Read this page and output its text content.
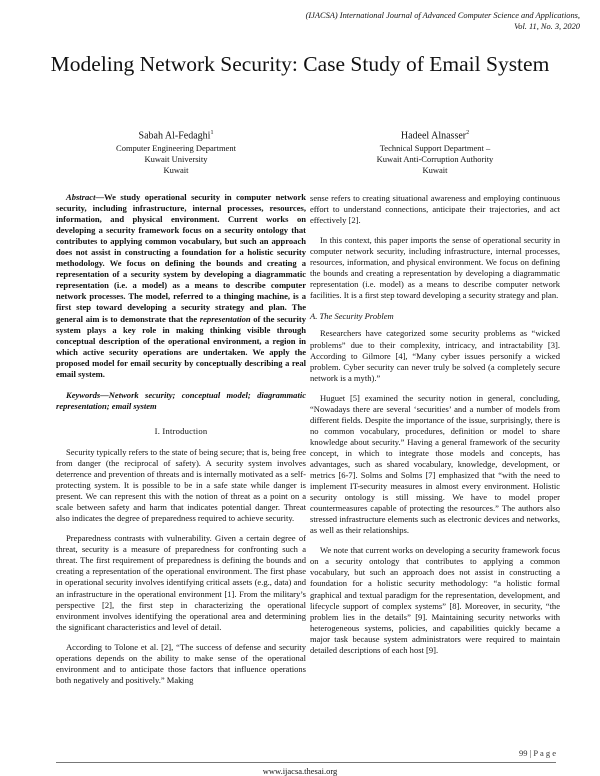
(IJACSA) International Journal of Advanced Computer Science and Applications,
Vol. 11, No. 3, 2020
Modeling Network Security: Case Study of Email System
Sabah Al-Fedaghi$^1$
Computer Engineering Department
Kuwait University
Kuwait
Hadeel Alnasser$^2$
Technical Support Department –
Kuwait Anti-Corruption Authority
Kuwait

Abstract—We study operational security in computer network security, including infrastructure, internal processes, resources, information, and physical environment. Current works on developing a security framework focus on a security ontology that contributes to applying common vocabulary, but such an approach does not assist in constructing a foundation for a holistic security methodology. We focus on defining the bounds and creating a representation of a security system by developing a diagrammatic representation (i.e. a model) as a means to describe computer network processes. The model, referred to a thinging machine, is a first step toward developing a security strategy and plan. The general aim is to demonstrate that the representation of the security system plays a key role in making thinking visible through conceptual description of the operational environment, a region in which active security operations are undertaken. We apply the proposed model for email security by conceptually describing a real email system.

Keywords—Network security; conceptual model; diagrammatic representation; email system

I. Introduction

Security typically refers to the state of being secure; that is, being free from danger (the reciprocal of safety). A security system involves deterrence and prevention of threats and is internally motivated as a self-protecting system. It is possible to be in a safe state while danger is present. We can represent this with the notion of threat as a point on a scale between safety and harm that indicates potential danger. Threat also indicates the degree of preparedness required to achieve security.

Preparedness contrasts with vulnerability. Given a certain degree of threat, security is a measure of preparedness for confronting such a threat. The first requirement of preparedness is defining the bounds and creating a representation of the operational environment. The first phase in operational security involves identifying critical assets (e.g., data) and an infrastructure in the operational environment [1]. From the military’s perspective [2], the first step in characterizing the operational environment involves identifying the operational area and determining the significant characteristics and level of detail.

According to Tolone et al. [2], “The success of defense and security operations depends on the ability to make sense of the operational environment and to anticipate those factors that influence operations both negatively and positively.” Making

sense refers to creating situational awareness and employing continuous effort to understand connections, anticipate their trajectories, and act effectively [2].

In this context, this paper imports the sense of operational security in computer network security, including infrastructure, internal processes, resources, information, and physical environment. We focus on defining the bounds and creating a representation by developing a diagrammatic representation (i.e. model) as a means to describe computer network facilities. It is a first step toward developing a security strategy and plan.

A. The Security Problem

Researchers have categorized some security problems as “wicked problems” due to their complexity, intricacy, and intractability [3]. According to Gilmore [4], “Many cyber issues personify a wicked problem. Cyber security can never truly be solved (a completely secure network is a myth).”

Huguet [5] examined the security notion in general, concluding, “Nowadays there are several ‘securities’ and a number of models from different fields. Despite the importance of the issue, surprisingly, there is no common vocabulary, procedures, definition or model to share knowledge about security.” Having a general framework of the security concept, in which to integrate those models and concepts, has advantages, such as shared vocabulary, knowledge, development, or metrics [6-7]. Solms and Solms [7] emphasized that “with the need to implement IT-security measures in almost every environment. Holistic security ontology is still missing. We have to model proper countermeasures capable of protecting the resources.” The authors also stressed infrastructure elements such as electronic devices and networks, as well as their relationships.

We note that current works on developing a security framework focus on a security ontology that contributes to applying a common vocabulary, but such an approach does not assist in constructing a foundation for a holistic security methodology: “a holistic formal graphical and textual paradigm for the representation, development, and lifecycle support of complex systems” [8]. Moreover, in security, “the problem lies in the details” [9]. Maintaining security networks with heterogeneous systems, policies, and capabilities quickly became a major task because system administrators were required to maintain detailed descriptions of each host [9].

99 | P a g e
www.ijacsa.thesai.org
